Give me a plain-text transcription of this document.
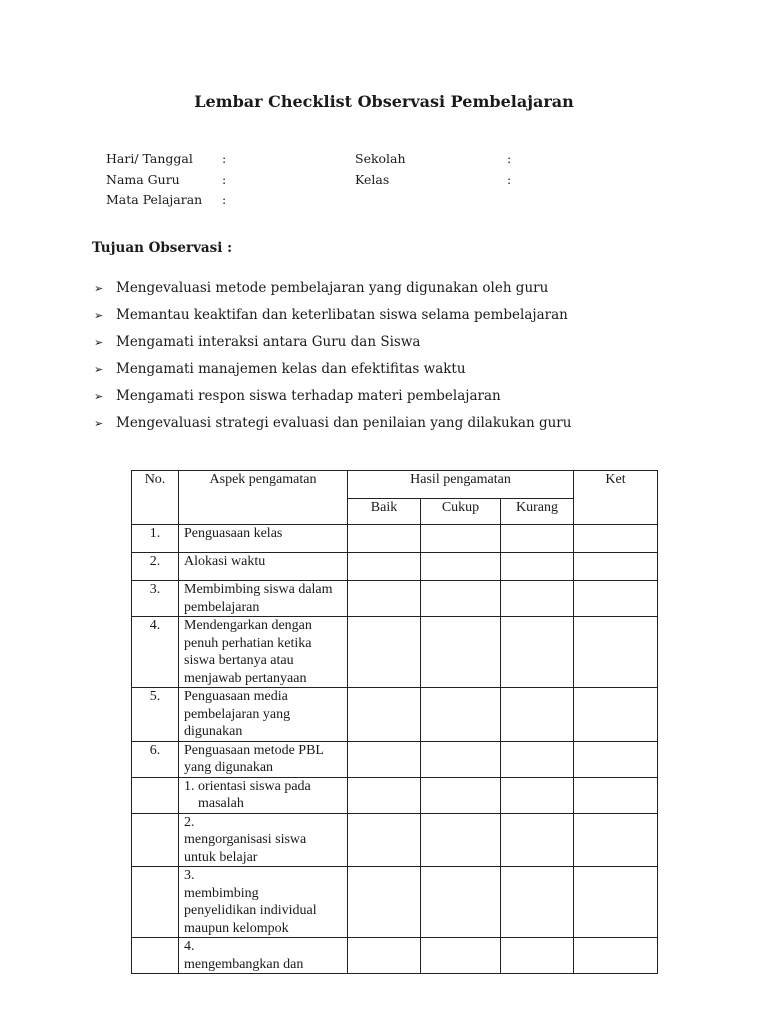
Lembar Checklist Observasi Pembelajaran
Hari/ Tanggal :
Nama Guru	:
Mata Pelajaran :
Sekolah	:
Kelas	:
Tujuan Observasi :
➢ Mengevaluasi metode pembelajaran yang digunakan oleh guru
➢ Memantau keaktifan dan keterlibatan siswa selama pembelajaran
➢ Mengamati interaksi antara Guru dan Siswa
➢ Mengamati manajemen kelas dan efektifitas waktu
➢ Mengamati respon siswa terhadap materi pembelajaran
➢ Mengevaluasi strategi evaluasi dan penilaian yang dilakukan guru
No.	Aspek pengamatan	Hasil pengamatan			Ket
		Baik	Cukup	Kurang	
1.	Penguasaan kelas				
2.	Alokasi waktu				
3.	Membimbing siswa dalam pembelajaran				
4.	Mendengarkan dengan penuh perhatian ketika siswa bertanya atau menjawab pertanyaan				
5.	Penguasaan media pembelajaran yang digunakan				
6.	Penguasaan metode PBL yang digunakan				
	1. orientasi siswa pada masalah				
	2.mengorganisasi siswa untuk belajar				
	3.membimbing penyelidikan individual maupun kelompok				
	4.mengembangkan dan				
